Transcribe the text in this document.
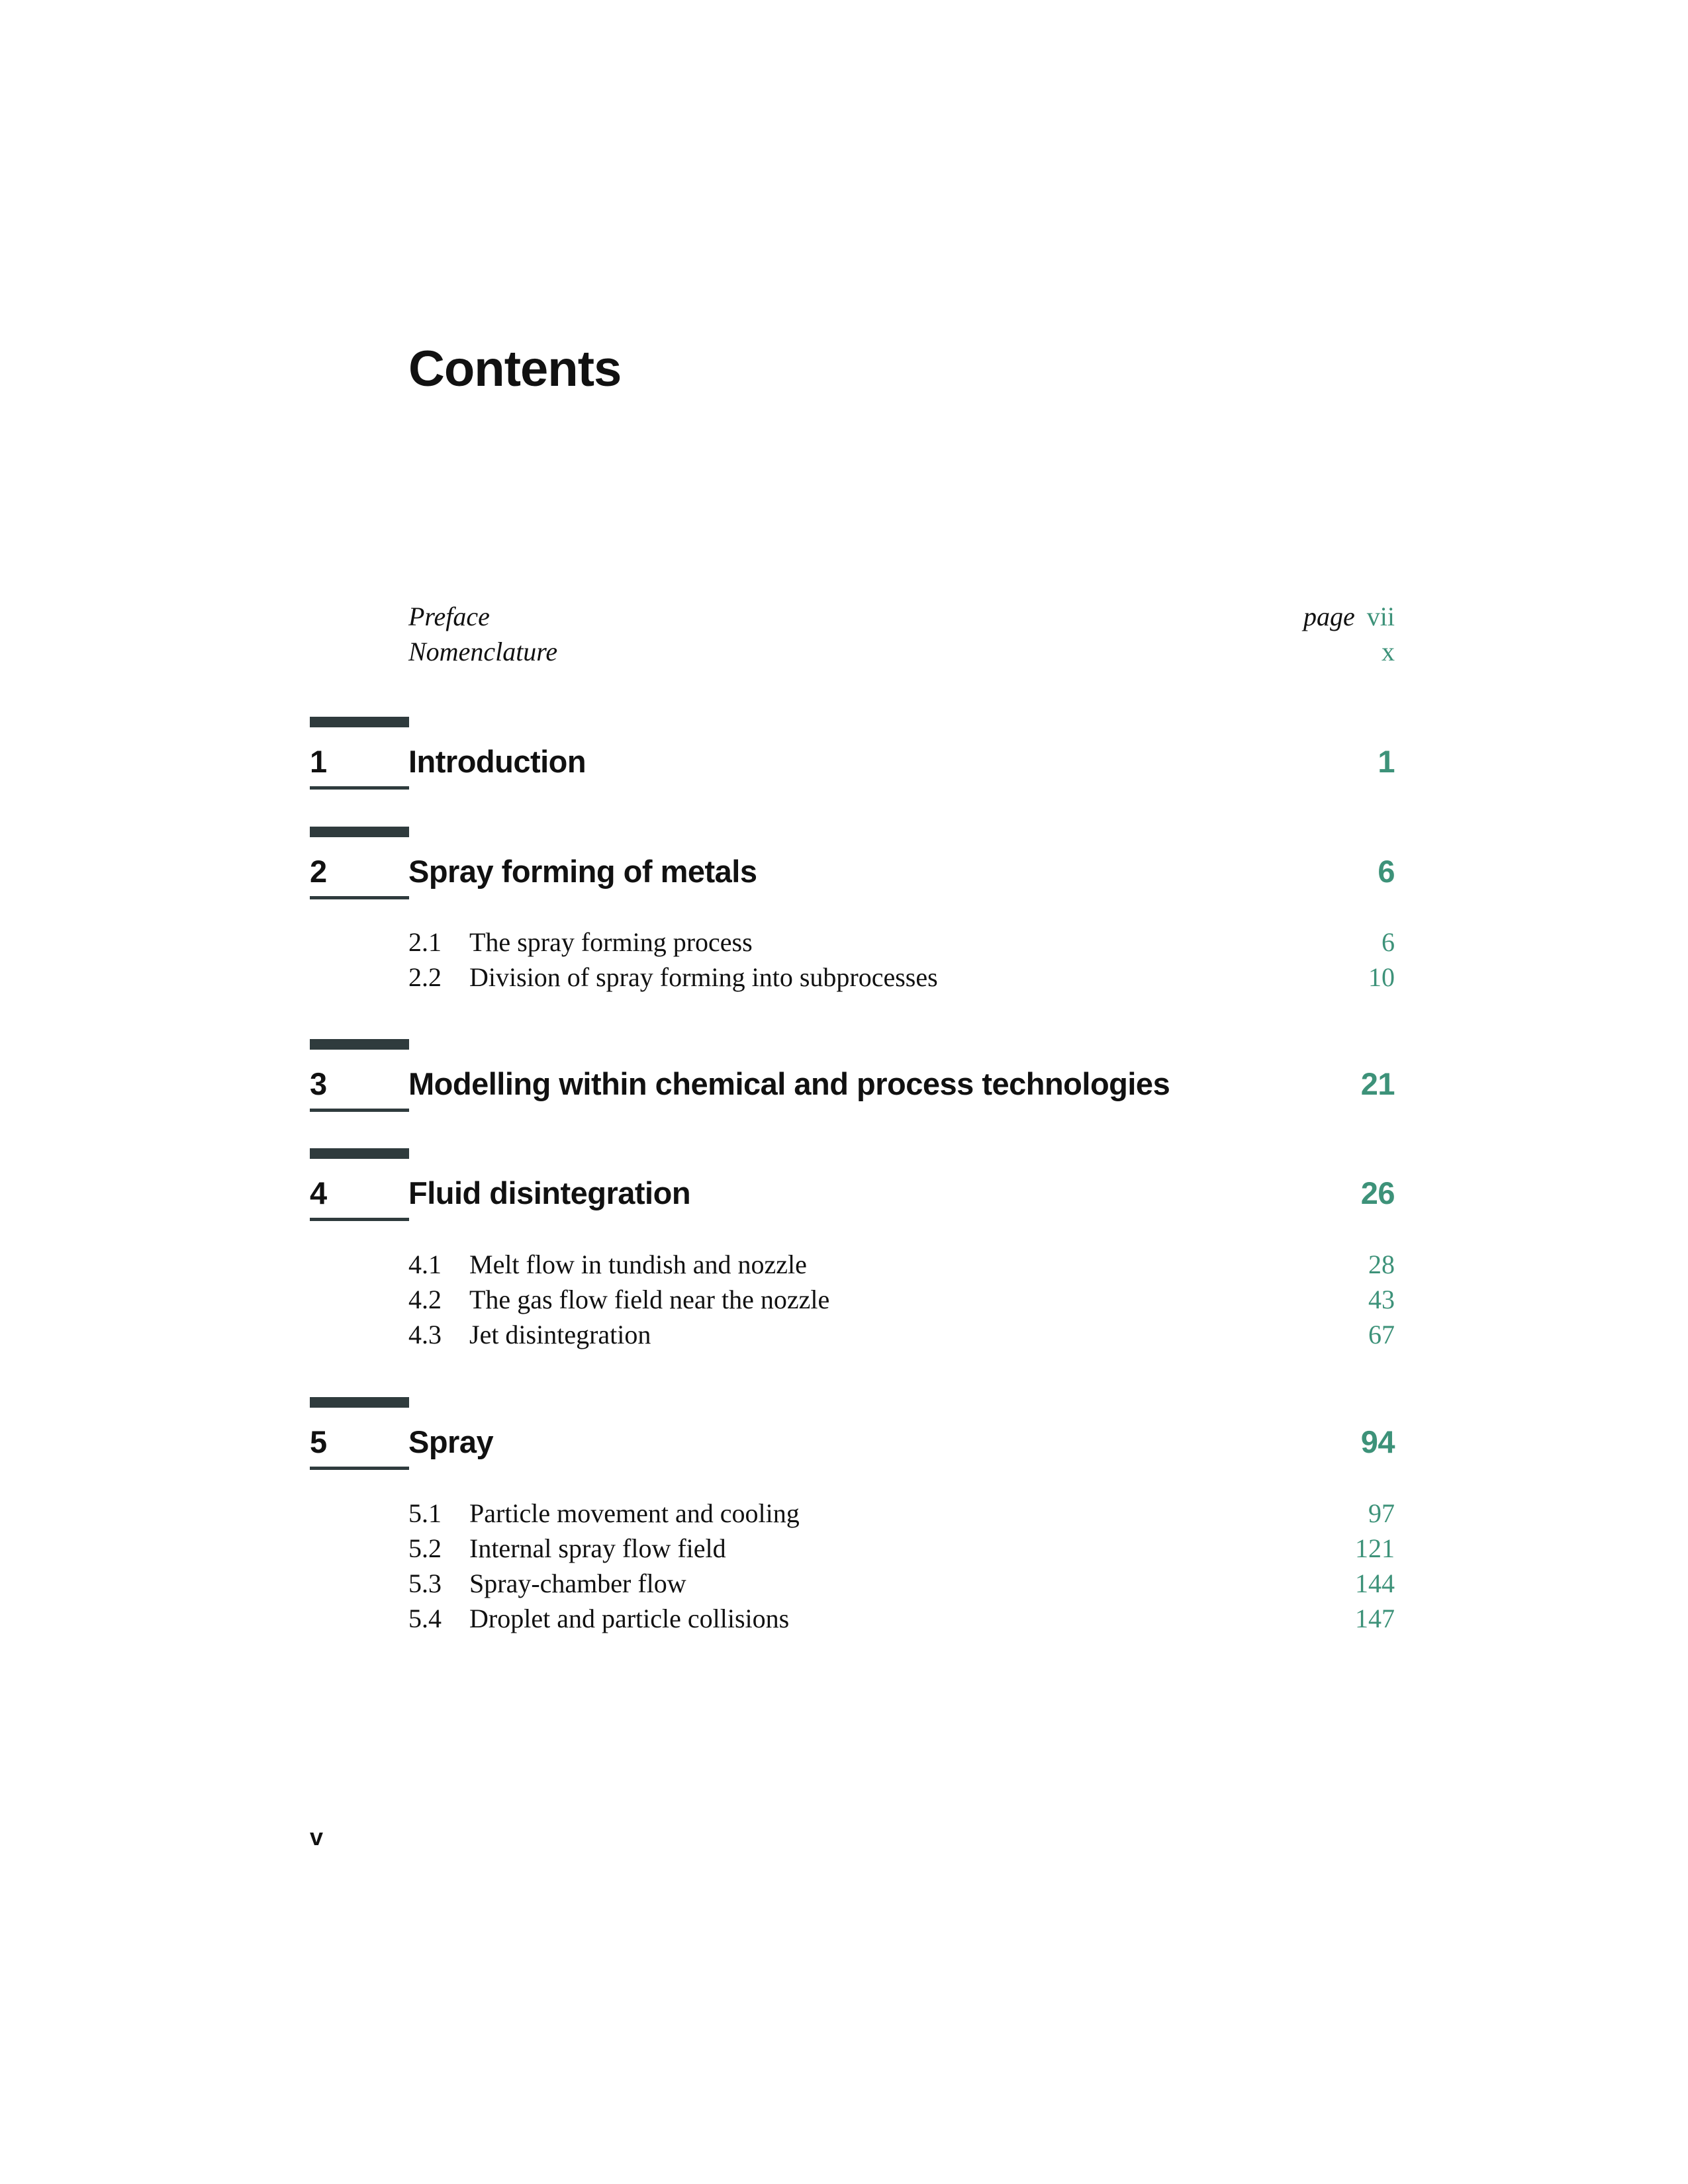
Contents
Preface	page vii
Nomenclature	x
1	Introduction	1
2	Spray forming of metals	6
2.1 The spray forming process	6
2.2 Division of spray forming into subprocesses	10
3	Modelling within chemical and process technologies	21
4	Fluid disintegration	26
4.1 Melt flow in tundish and nozzle	28
4.2 The gas flow field near the nozzle	43
4.3 Jet disintegration	67
5	Spray	94
5.1 Particle movement and cooling	97
5.2 Internal spray flow field	121
5.3 Spray-chamber flow	144
5.4 Droplet and particle collisions	147

v
